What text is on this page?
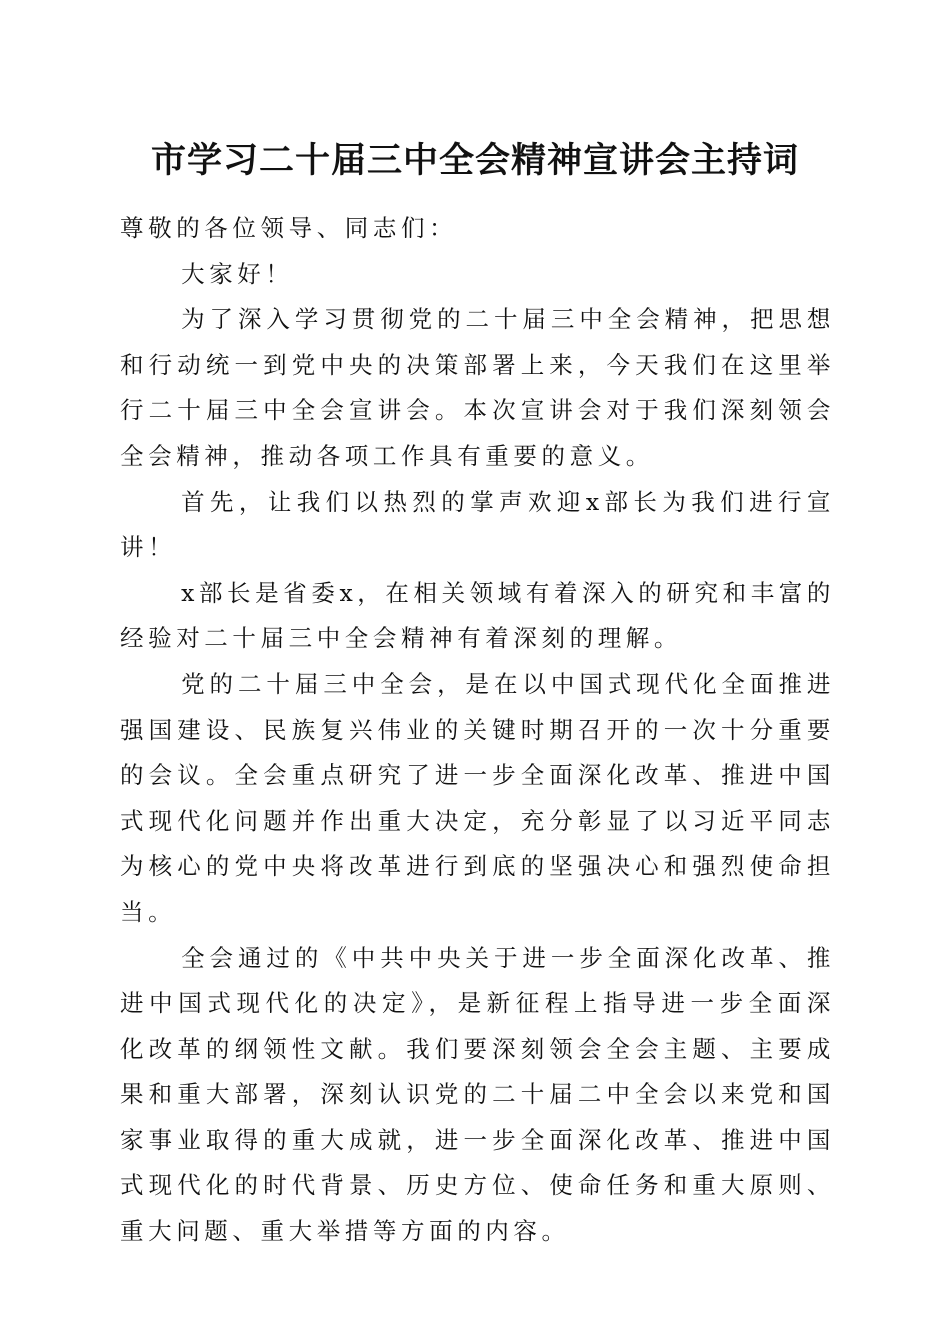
市学习二十届三中全会精神宣讲会主持词

尊敬的各位领导、同志们：

大家好！

为了深入学习贯彻党的二十届三中全会精神，把思想和行动统一到党中央的决策部署上来，今天我们在这里举行二十届三中全会宣讲会。本次宣讲会对于我们深刻领会全会精神，推动各项工作具有重要的意义。

首先，让我们以热烈的掌声欢迎x部长为我们进行宣讲！

x部长是省委x，在相关领域有着深入的研究和丰富的经验对二十届三中全会精神有着深刻的理解。

党的二十届三中全会，是在以中国式现代化全面推进强国建设、民族复兴伟业的关键时期召开的一次十分重要的会议。全会重点研究了进一步全面深化改革、推进中国式现代化问题并作出重大决定，充分彰显了以习近平同志为核心的党中央将改革进行到底的坚强决心和强烈使命担当。

全会通过的《中共中央关于进一步全面深化改革、推进中国式现代化的决定》，是新征程上指导进一步全面深化改革的纲领性文献。我们要深刻领会全会主题、主要成果和重大部署，深刻认识党的二十届二中全会以来党和国家事业取得的重大成就，进一步全面深化改革、推进中国式现代化的时代背景、历史方位、使命任务和重大原则、重大问题、重大举措等方面的内容。
